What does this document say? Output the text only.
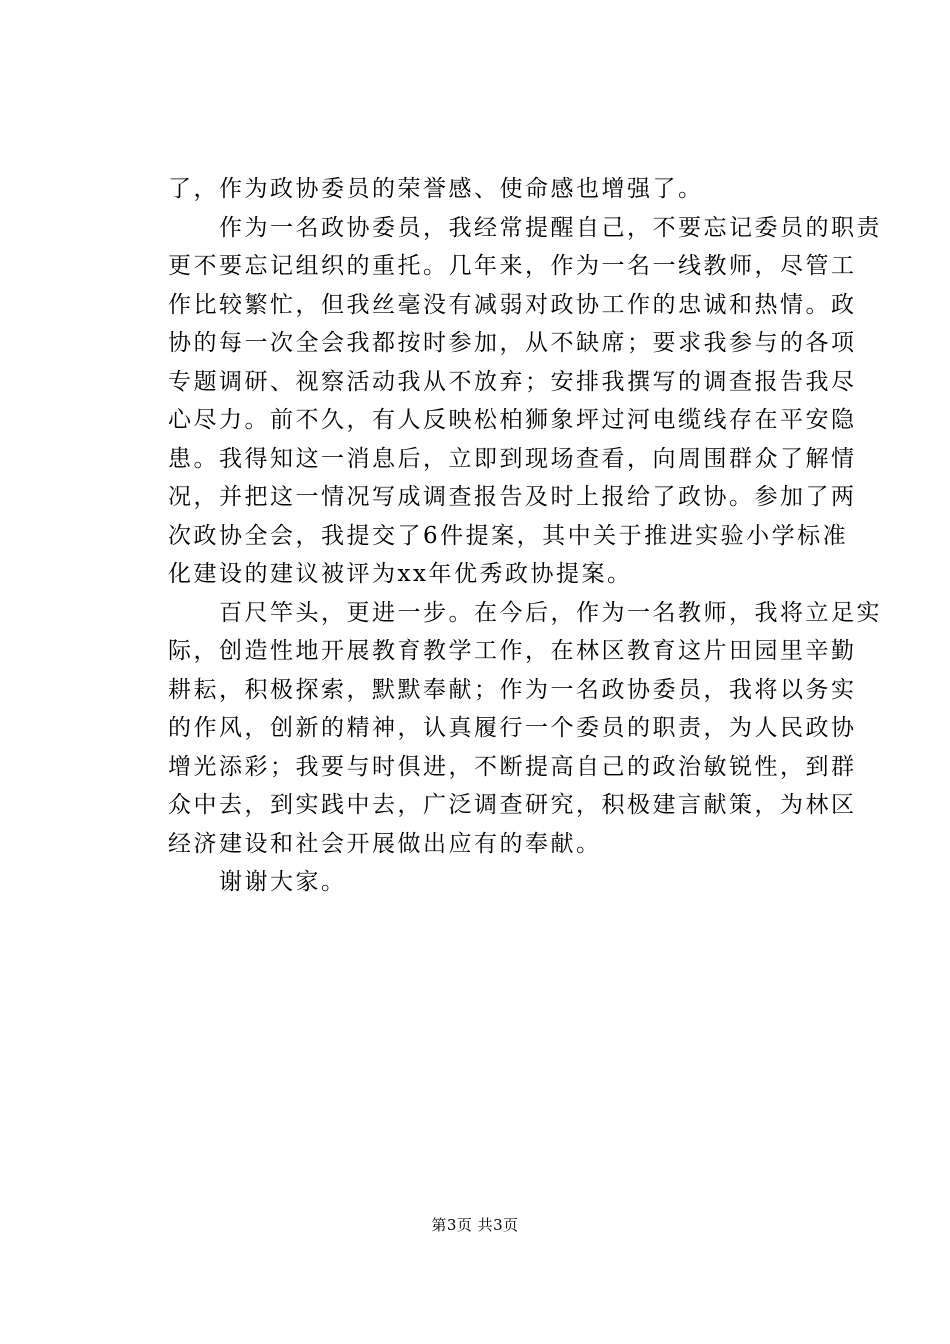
了，作为政协委员的荣誉感、使命感也增强了。
　　作为一名政协委员，我经常提醒自己，不要忘记委员的职责
更不要忘记组织的重托。几年来，作为一名一线教师，尽管工
作比较繁忙，但我丝毫没有减弱对政协工作的忠诚和热情。政
协的每一次全会我都按时参加，从不缺席；要求我参与的各项
专题调研、视察活动我从不放弃；安排我撰写的调查报告我尽
心尽力。前不久，有人反映松柏狮象坪过河电缆线存在平安隐
患。我得知这一消息后，立即到现场查看，向周围群众了解情
况，并把这一情况写成调查报告及时上报给了政协。参加了两
次政协全会，我提交了6件提案，其中关于推进实验小学标准
化建设的建议被评为xx年优秀政协提案。
　　百尺竿头，更进一步。在今后，作为一名教师，我将立足实
际，创造性地开展教育教学工作，在林区教育这片田园里辛勤
耕耘，积极探索，默默奉献；作为一名政协委员，我将以务实
的作风，创新的精神，认真履行一个委员的职责，为人民政协
增光添彩；我要与时俱进，不断提高自己的政治敏锐性，到群
众中去，到实践中去，广泛调查研究，积极建言献策，为林区
经济建设和社会开展做出应有的奉献。
　　谢谢大家。
第3页 共3页
